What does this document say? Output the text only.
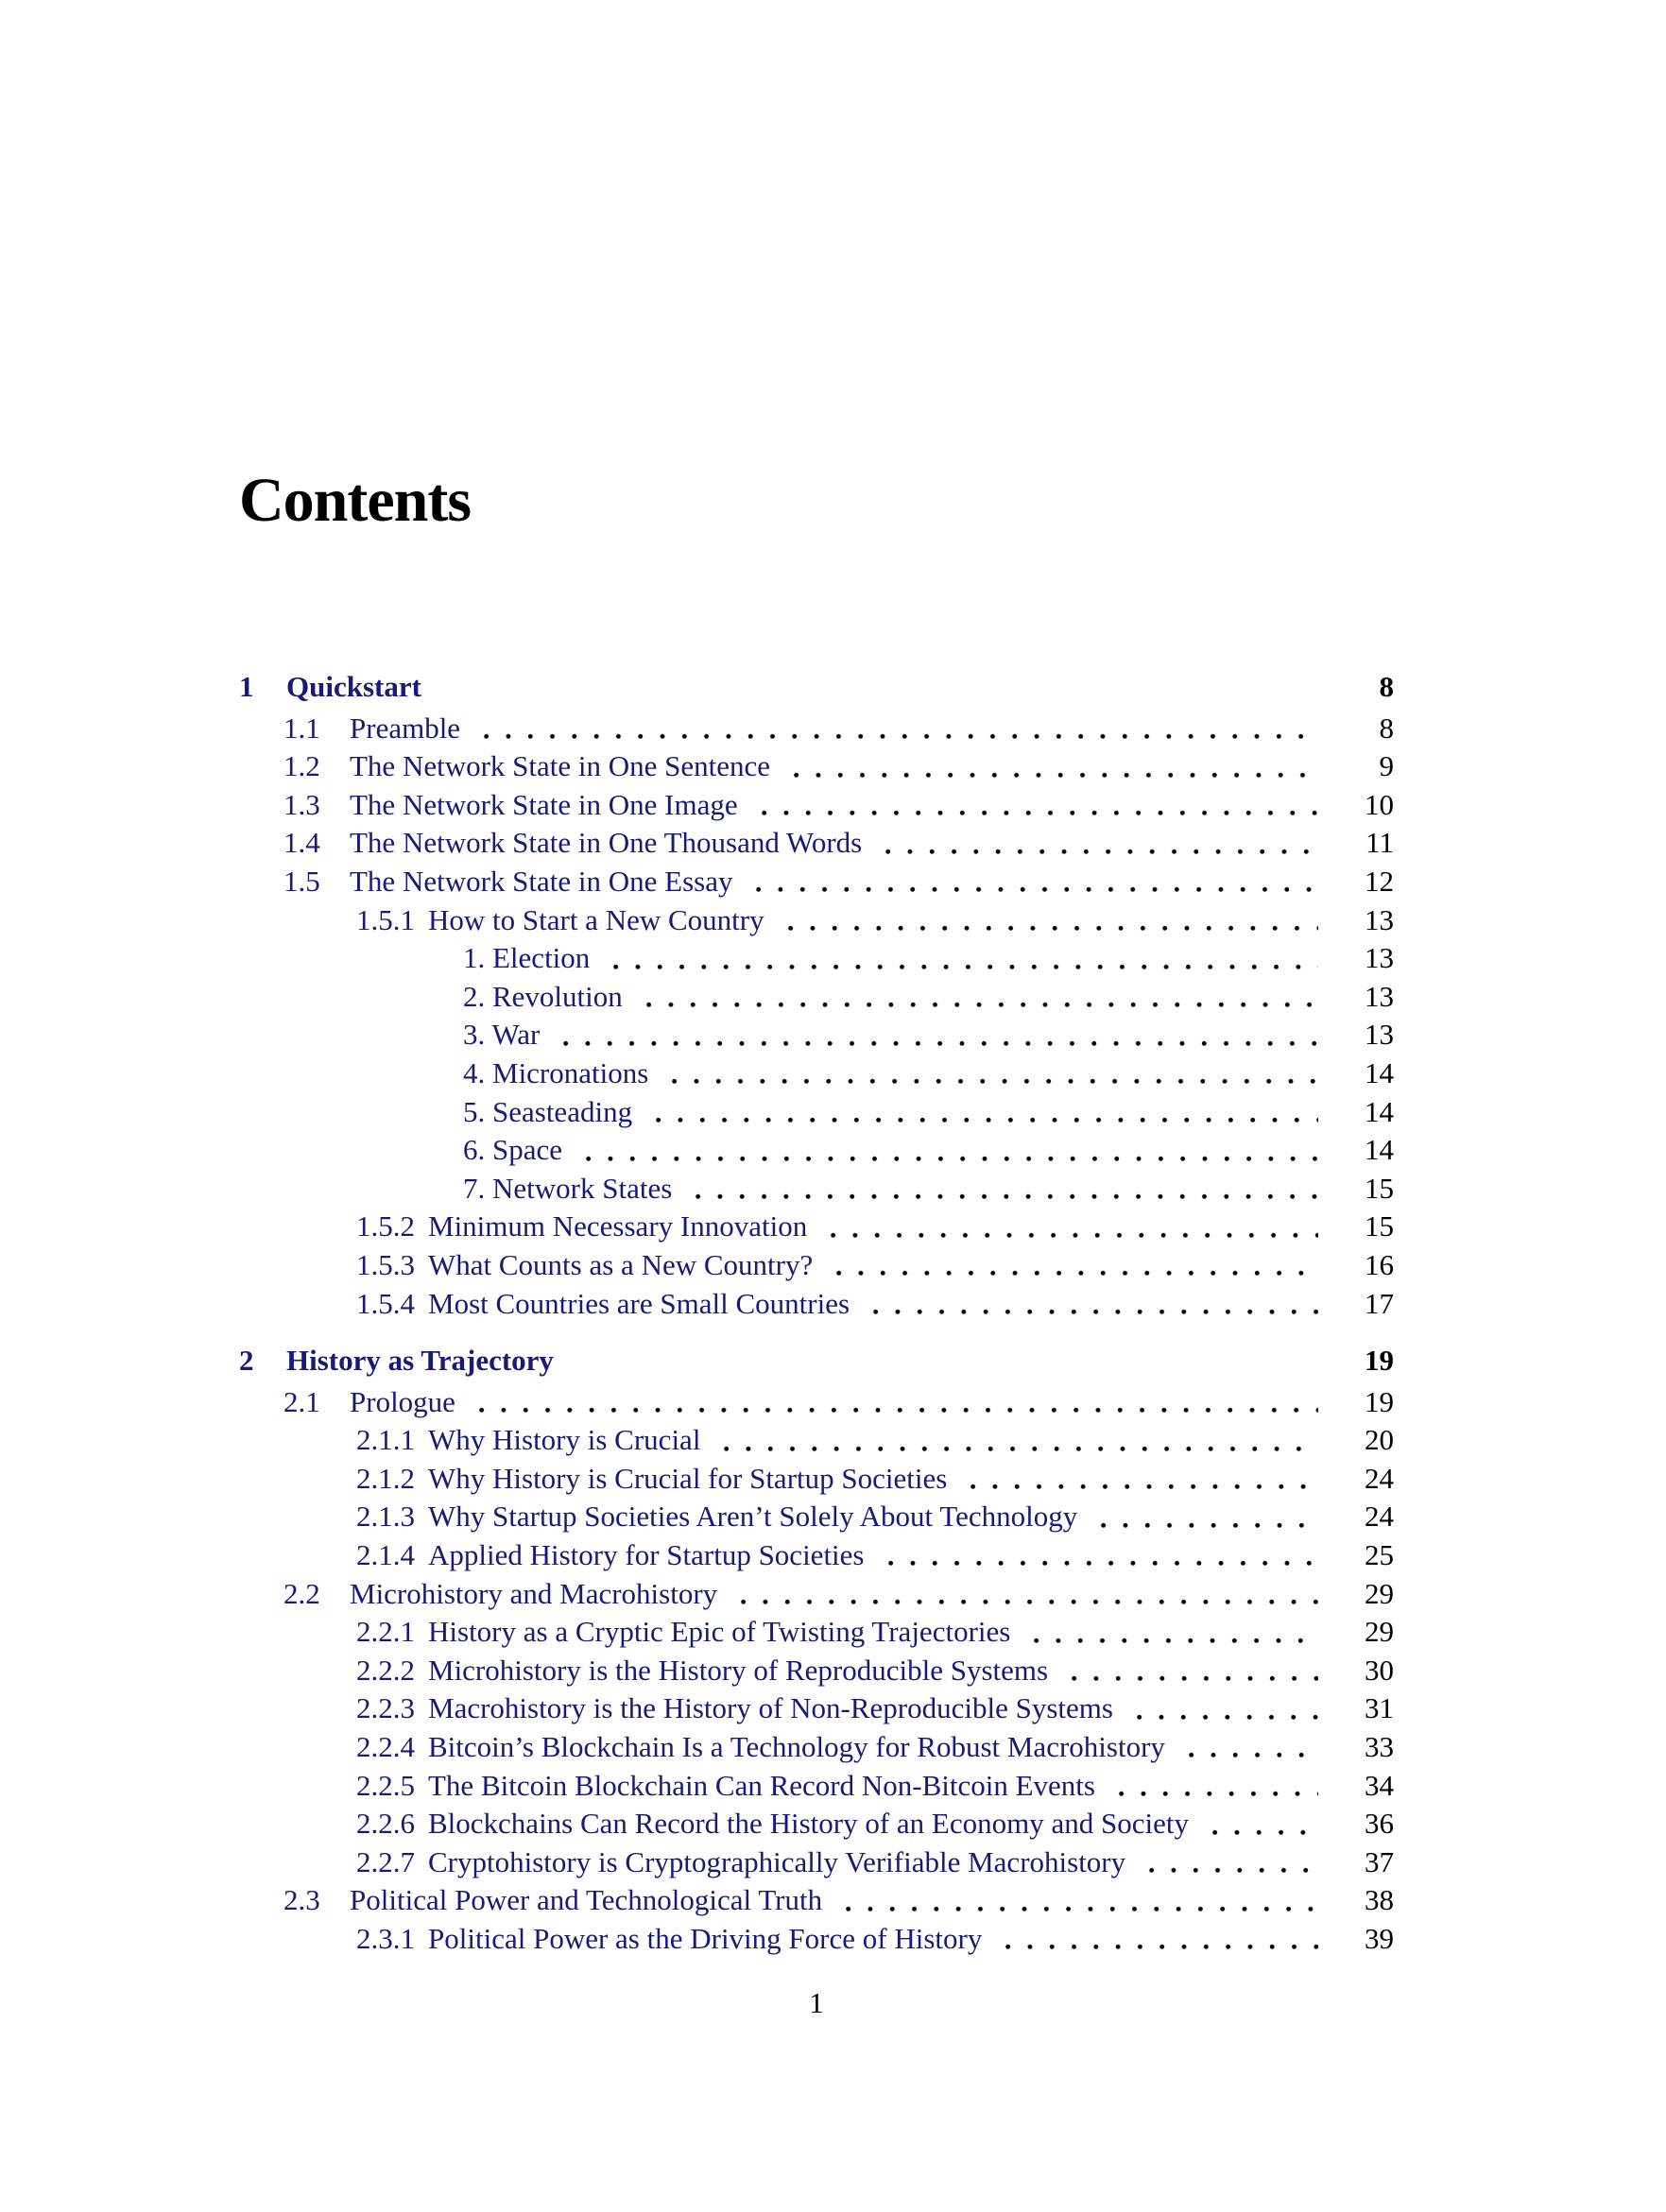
Contents
1	Quickstart	8
1.1	Preamble	8
1.2	The Network State in One Sentence	9
1.3	The Network State in One Image	10
1.4	The Network State in One Thousand Words	11
1.5	The Network State in One Essay	12
1.5.1 How to Start a New Country	13
1. Election	13
2. Revolution	13
3. War	13
4. Micronations	14
5. Seasteading	14
6. Space	14
7. Network States	15
1.5.2 Minimum Necessary Innovation	15
1.5.3 What Counts as a New Country?	16
1.5.4 Most Countries are Small Countries	17
2	History as Trajectory	19
2.1	Prologue	19
2.1.1 Why History is Crucial	20
2.1.2 Why History is Crucial for Startup Societies	24
2.1.3 Why Startup Societies Aren’t Solely About Technology	24
2.1.4 Applied History for Startup Societies	25
2.2	Microhistory and Macrohistory	29
2.2.1 History as a Cryptic Epic of Twisting Trajectories	29
2.2.2 Microhistory is the History of Reproducible Systems	30
2.2.3 Macrohistory is the History of Non-Reproducible Systems	31
2.2.4 Bitcoin’s Blockchain Is a Technology for Robust Macrohistory	33
2.2.5 The Bitcoin Blockchain Can Record Non-Bitcoin Events	34
2.2.6 Blockchains Can Record the History of an Economy and Society	36
2.2.7 Cryptohistory is Cryptographically Verifiable Macrohistory	37
2.3	Political Power and Technological Truth	38
2.3.1 Political Power as the Driving Force of History	39
1
